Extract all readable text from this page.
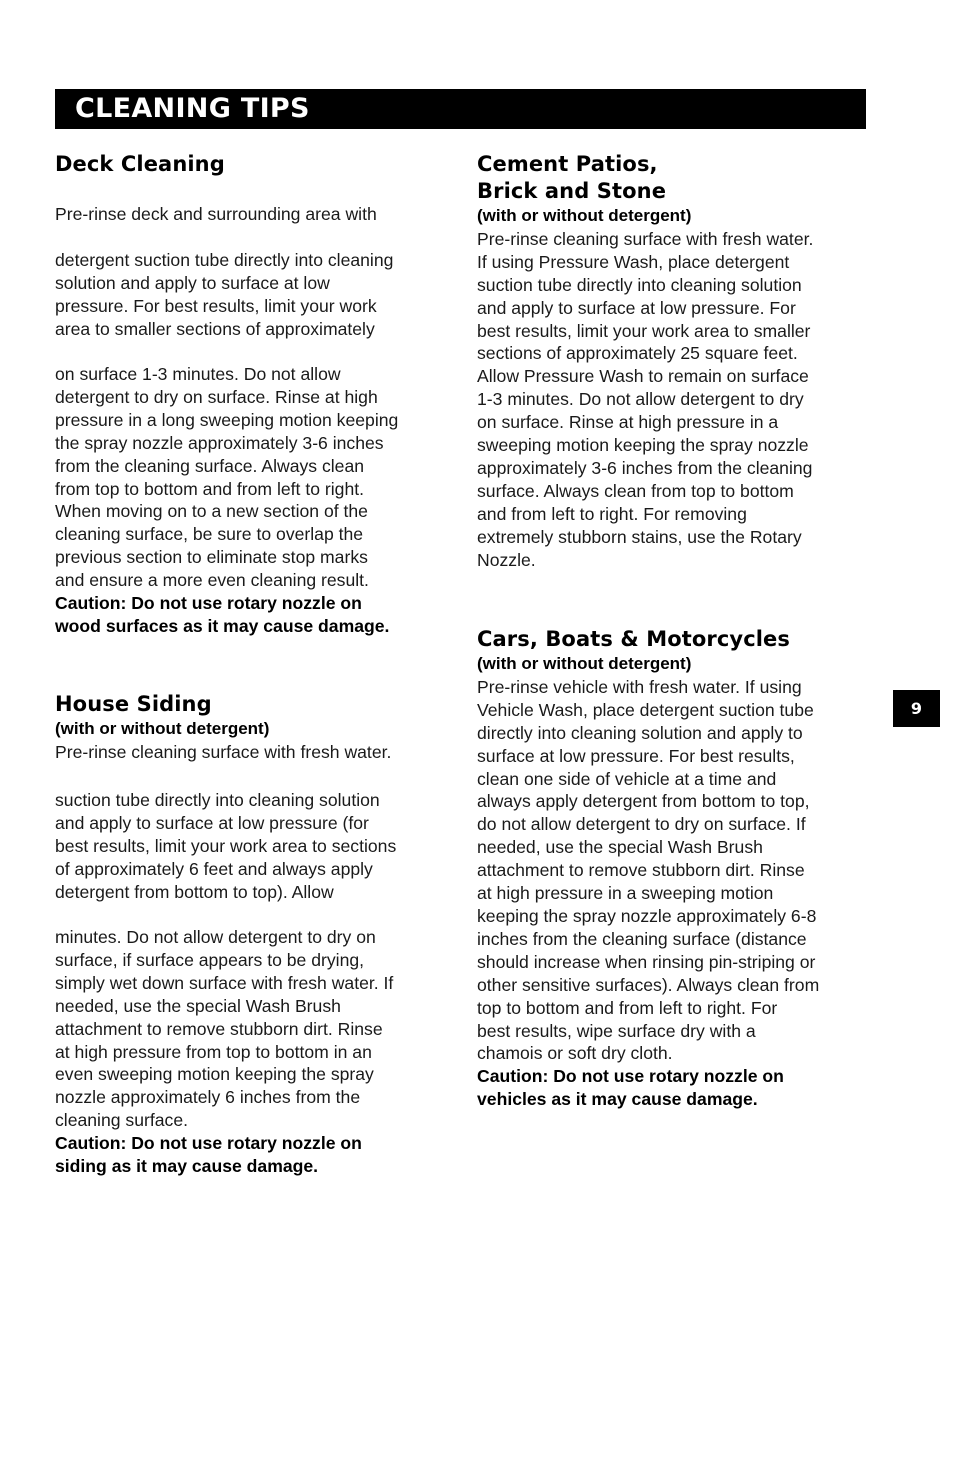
CLEANING TIPS
Deck Cleaning
Pre-rinse deck and surrounding area with
detergent suction tube directly into cleaning
solution and apply to surface at low
pressure. For best results, limit your work
area to smaller sections of approximately
on surface 1-3 minutes. Do not allow
detergent to dry on surface. Rinse at high
pressure in a long sweeping motion keeping
the spray nozzle approximately 3-6 inches
from the cleaning surface. Always clean
from top to bottom and from left to right.
When moving on to a new section of the
cleaning surface, be sure to overlap the
previous section to eliminate stop marks
and ensure a more even cleaning result.
Caution: Do not use rotary nozzle on
wood surfaces as it may cause damage.
House Siding
(with or without detergent)
Pre-rinse cleaning surface with fresh water.
suction tube directly into cleaning solution
and apply to surface at low pressure (for
best results, limit your work area to sections
of approximately 6 feet and always apply
detergent from bottom to top). Allow
minutes. Do not allow detergent to dry on
surface, if surface appears to be drying,
simply wet down surface with fresh water. If
needed, use the special Wash Brush
attachment to remove stubborn dirt. Rinse
at high pressure from top to bottom in an
even sweeping motion keeping the spray
nozzle approximately 6 inches from the
cleaning surface.
Caution: Do not use rotary nozzle on
siding as it may cause damage.
Cement Patios,
Brick and Stone
(with or without detergent)
Pre-rinse cleaning surface with fresh water.
If using Pressure Wash, place detergent
suction tube directly into cleaning solution
and apply to surface at low pressure. For
best results, limit your work area to smaller
sections of approximately 25 square feet.
Allow Pressure Wash to remain on surface
1-3 minutes. Do not allow detergent to dry
on surface. Rinse at high pressure in a
sweeping motion keeping the spray nozzle
approximately 3-6 inches from the cleaning
surface. Always clean from top to bottom
and from left to right. For removing
extremely stubborn stains, use the Rotary
Nozzle.
Cars, Boats & Motorcycles
(with or without detergent)
Pre-rinse vehicle with fresh water. If using
Vehicle Wash, place detergent suction tube
directly into cleaning solution and apply to
surface at low pressure. For best results,
clean one side of vehicle at a time and
always apply detergent from bottom to top,
do not allow detergent to dry on surface. If
needed, use the special Wash Brush
attachment to remove stubborn dirt. Rinse
at high pressure in a sweeping motion
keeping the spray nozzle approximately 6-8
inches from the cleaning surface (distance
should increase when rinsing pin-striping or
other sensitive surfaces). Always clean from
top to bottom and from left to right. For
best results, wipe surface dry with a
chamois or soft dry cloth.
Caution: Do not use rotary nozzle on
vehicles as it may cause damage.
9
